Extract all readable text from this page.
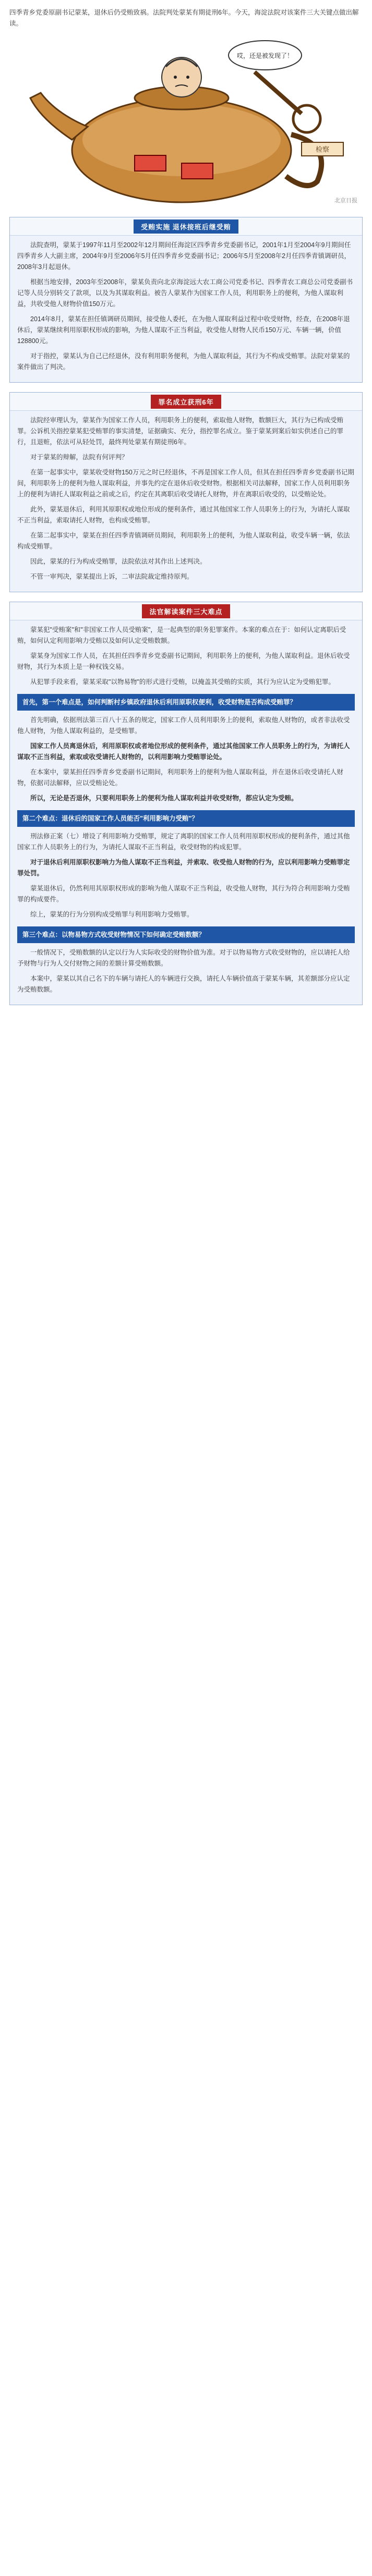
四季青乡党委原副书记蒙某，退休后仍受贿致祸。法院判处蒙某有期徒刑6年。今天，海淀法院对该案件三大关键点做出解读。
检察
哎，还是被发现了！
北京日报
受贿实施 退休接班后继受贿

法院查明，蒙某于1997年11月至2002年12月期间任海淀区四季青乡党委副书记，2001年1月至2004年9月期间任四季青乡人大副主席，2004年9月至2006年5月任四季青乡党委副书记；2006年5月至2008年2月任四季青镇调研员，2008年3月起退休。

根据当地安排，2003年至2008年，蒙某负责向北京海淀远大农工商公司党委书记、四季青农工商总公司党委副书记等人员分别转交了款项，以及为其谋取利益。被告人蒙某作为国家工作人员，利用职务上的便利，为他人谋取利益，共收受他人财物价值150万元。

2014年8月，蒙某在担任镇调研员期间，接受他人委托，在为他人谋取利益过程中收受财物，经查，在2008年退休后，蒙某继续利用原职权形成的影响，为他人谋取不正当利益，收受他人财物人民币150万元、车辆一辆，价值128800元。

对于指控，蒙某认为自己已经退休，没有利用职务便利，为他人谋取利益，其行为不构成受贿罪。法院对蒙某的案件做出了判决。

罪名成立获刑6年

法院经审理认为，蒙某作为国家工作人员，利用职务上的便利，索取他人财物，数额巨大，其行为已构成受贿罪。公诉机关指控蒙某犯受贿罪的事实清楚，证据确实、充分，指控罪名成立。鉴于蒙某到案后如实供述自己的罪行，且退赃，依法可从轻处罚，最终判处蒙某有期徒刑6年。

对于蒙某的辩解，法院有何评判？

在第一起事实中，蒙某收受财物150万元之时已经退休，不再是国家工作人员，但其在担任四季青乡党委副书记期间，利用职务上的便利为他人谋取利益，并事先约定在退休后收受财物。根据相关司法解释，国家工作人员利用职务上的便利为请托人谋取利益之前或之后，约定在其离职后收受请托人财物，并在离职后收受的，以受贿论处。

此外，蒙某退休后，利用其原职权或地位形成的便利条件，通过其他国家工作人员职务上的行为，为请托人谋取不正当利益，索取请托人财物，也构成受贿罪。

在第二起事实中，蒙某在担任四季青镇调研员期间，利用职务上的便利，为他人谋取利益，收受车辆一辆，依法构成受贿罪。

因此，蒙某的行为构成受贿罪，法院依法对其作出上述判决。

不管一审判决，蒙某提出上诉，二审法院裁定维持原判。

法官解读案件三大难点

蒙某犯"受贿案"和"非国家工作人员受贿案"，是一起典型的职务犯罪案件。本案的难点在于：如何认定离职后受贿，如何认定利用影响力受贿以及如何认定受贿数额。

蒙某身为国家工作人员，在其担任四季青乡党委副书记期间，利用职务上的便利，为他人谋取利益。退休后收受财物，其行为本质上是一种权钱交易。

从犯罪手段来看，蒙某采取"以物易物"的形式进行受贿，以掩盖其受贿的实质，其行为应认定为受贿犯罪。

首先，第一个难点是，如何判断村乡镇政府退休后利用原职权便利，收受财物是否构成受贿罪？

首先明确，依据刑法第三百八十五条的规定，国家工作人员利用职务上的便利，索取他人财物的，或者非法收受他人财物，为他人谋取利益的，是受贿罪。

国家工作人员离退休后，利用原职权或者地位形成的便利条件，通过其他国家工作人员职务上的行为，为请托人谋取不正当利益，索取或收受请托人财物的，以利用影响力受贿罪论处。

在本案中，蒙某担任四季青乡党委副书记期间，利用职务上的便利为他人谋取利益，并在退休后收受请托人财物，依据司法解释，应以受贿论处。

所以，无论是否退休，只要利用职务上的便利为他人谋取利益并收受财物，都应认定为受贿。

第二个难点：退休后的国家工作人员能否"利用影响力受贿"？

刑法修正案（七）增设了利用影响力受贿罪，规定了离职的国家工作人员利用原职权形成的便利条件，通过其他国家工作人员职务上的行为，为请托人谋取不正当利益，收受财物的构成犯罪。

对于退休后利用原职权影响力为他人谋取不正当利益，并索取、收受他人财物的行为，应以利用影响力受贿罪定罪处罚。

蒙某退休后，仍然利用其原职权形成的影响为他人谋取不正当利益，收受他人财物，其行为符合利用影响力受贿罪的构成要件。

综上，蒙某的行为分别构成受贿罪与利用影响力受贿罪。

第三个难点：以物易物方式收受财物情况下如何确定受贿数额？

一般情况下，受贿数额的认定以行为人实际收受的财物价值为准。对于以物易物方式收受财物的，应以请托人给予财物与行为人交付财物之间的差额计算受贿数额。

本案中，蒙某以其自己名下的车辆与请托人的车辆进行交换，请托人车辆价值高于蒙某车辆，其差额部分应认定为受贿数额。
